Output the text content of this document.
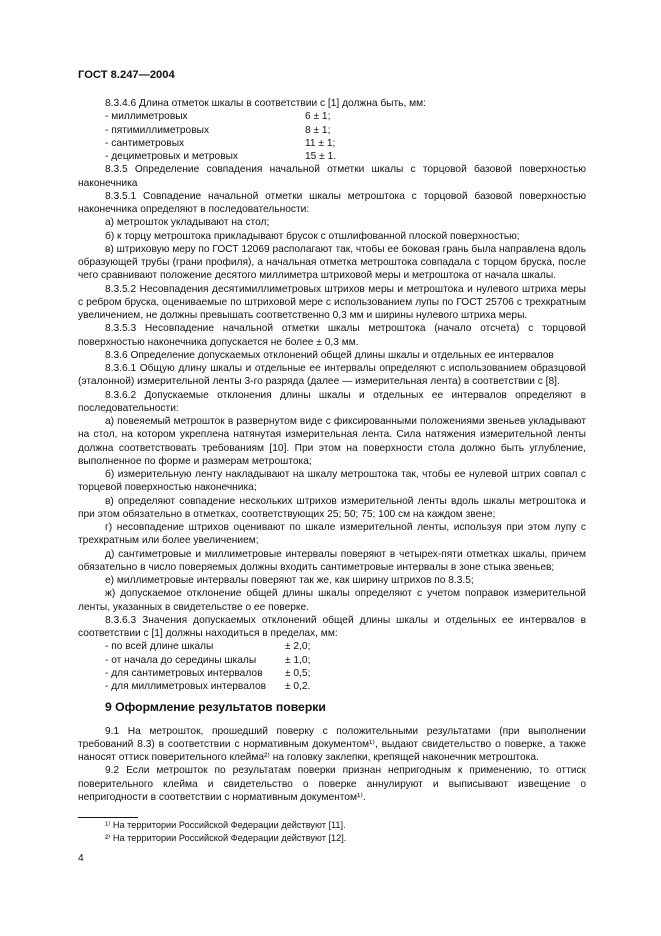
ГОСТ 8.247—2004

8.3.4.6 Длина отметок шкалы в соответствии с [1] должна быть, мм:

- миллиметровых	6 ± 1;
- пятимиллиметровых	8 ± 1;
- сантиметровых	11 ± 1;
- дециметровых и метровых	15 ± 1.

8.3.5 Определение совпадения начальной отметки шкалы с торцовой базовой поверхностью наконечника

8.3.5.1 Совпадение начальной отметки шкалы метроштока с торцовой базовой поверхностью наконечника определяют в последовательности:

а) метрошток укладывают на стол;

б) к торцу метроштока прикладывают брусок с отшлифованной плоской поверхностью;

в) штриховую меру по ГОСТ 12069 располагают так, чтобы ее боковая грань была направлена вдоль образующей трубы (грани профиля), а начальная отметка метроштока совпадала с торцом бруска, после чего сравнивают положение десятого миллиметра штриховой меры и метроштока от начала шкалы.

8.3.5.2 Несовпадения десятимиллиметровых штрихов меры и метроштока и нулевого штриха меры с ребром бруска, оцениваемые по штриховой мере с использованием лупы по ГОСТ 25706 с трехкратным увеличением, не должны превышать соответственно 0,3 мм и ширины нулевого штриха меры.

8.3.5.3 Несовпадение начальной отметки шкалы метроштока (начало отсчета) с торцовой поверхностью наконечника допускается не более ± 0,3 мм.

8.3.6 Определение допускаемых отклонений общей длины шкалы и отдельных ее интервалов

8.3.6.1 Общую длину шкалы и отдельные ее интервалы определяют с использованием образцовой (эталонной) измерительной ленты 3-го разряда (далее — измерительная лента) в соответствии с [8].

8.3.6.2 Допускаемые отклонения длины шкалы и отдельных ее интервалов определяют в последовательности:

а) повеяемый метрошток в развернутом виде с фиксированными положениями звеньев укладывают на стол, на котором укреплена натянутая измерительная лента. Сила натяжения измерительной ленты должна соответствовать требованиям [10]. При этом на поверхности стола должно быть углубление, выполненное по форме и размерам метроштока;

б) измерительную ленту накладывают на шкалу метроштока так, чтобы ее нулевой штрих совпал с торцевой поверхностью наконечника;

в) определяют совпадение нескольких штрихов измерительной ленты вдоль шкалы метроштока и при этом обязательно в отметках, соответствующих 25; 50; 75; 100 см на каждом звене;

г) несовпадение штрихов оценивают по шкале измерительной ленты, используя при этом лупу с трехкратным или более увеличением;

д) сантиметровые и миллиметровые интервалы поверяют в четырех-пяти отметках шкалы, причем обязательно в число поверяемых должны входить сантиметровые интервалы в зоне стыка звеньев;

е) миллиметровые интервалы поверяют так же, как ширину штрихов по 8.3.5;

ж) допускаемое отклонение общей длины шкалы определяют с учетом поправок измерительной ленты, указанных в свидетельстве о ее поверке.

8.3.6.3 Значения допускаемых отклонений общей длины шкалы и отдельных ее интервалов в соответствии с [1] должны находиться в пределах, мм:

- по всей длине шкалы	± 2,0;
- от начала до середины шкалы	± 1,0;
- для сантиметровых интервалов	± 0,5;
- для миллиметровых интервалов	± 0,2.

9 Оформление результатов поверки

9.1 На метрошток, прошедший поверку с положительными результатами (при выполнении требований 8.3) в соответствии с нормативным документом¹⁾, выдают свидетельство о поверке, а также наносят оттиск поверительного клейма²⁾ на головку заклепки, крепящей наконечник метроштока.

9.2 Если метрошток по результатам поверки признан непригодным к применению, то оттиск поверительного клейма и свидетельство о поверке аннулируют и выписывают извещение о непригодности в соответствии с нормативным документом¹⁾.

¹⁾ На территории Российской Федерации действуют [11].
²⁾ На территории Российской Федерации действуют [12].
4
